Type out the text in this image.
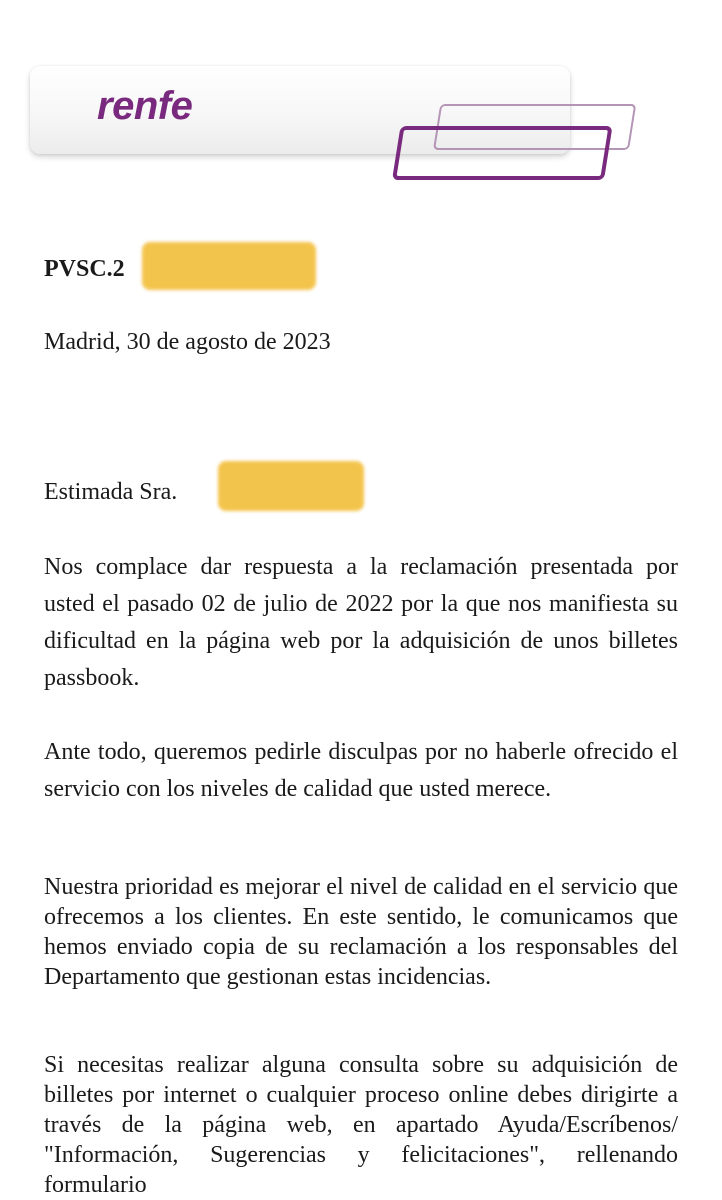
renfe
PVSC.2
Madrid, 30 de agosto de 2023
Estimada Sra.

Nos complace dar respuesta a la reclamación presentada por usted el pasado 02 de julio de 2022 por la que nos manifiesta su dificultad en la página web por la adquisición de unos billetes passbook.

Ante todo, queremos pedirle disculpas por no haberle ofrecido el servicio con los niveles de calidad que usted merece.

Nuestra prioridad es mejorar el nivel de calidad en el servicio que ofrecemos a los clientes. En este sentido, le comunicamos que hemos enviado copia de su reclamación a los responsables del Departamento que gestionan estas incidencias.

Si necesitas realizar alguna consulta sobre su adquisición de billetes por internet o cualquier proceso online debes dirigirte a través de la página web, en apartado Ayuda/Escríbenos/ "Información, Sugerencias y felicitaciones", rellenando formulario
